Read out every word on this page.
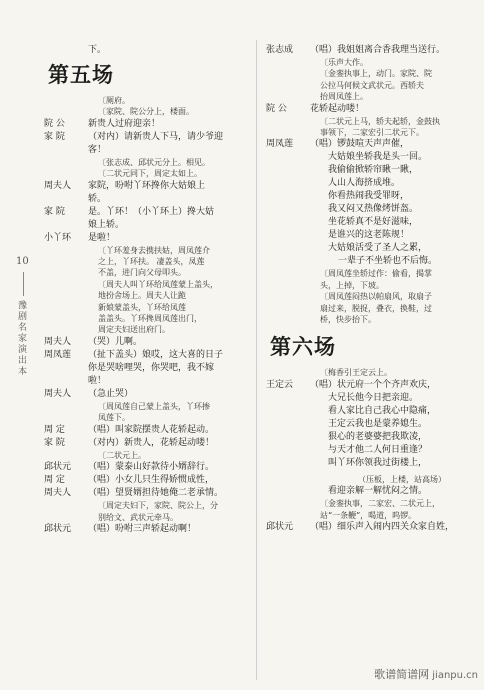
10
豫剧名家演出本
下。
第五场
〔厕府。
〔家院、院公分上，楼面。
院 公	新贵人过府迎亲！
家 院	（对内）请新贵人下马，请少爷迎
客！
〔张志成、邱状元分上。相见。
〔二状元同下，周定太如上。
周夫人	家院，吩咐丫环搀你大姑娘上
轿。
家 院	是。丫环！（小丫环上）搀大姑
娘上轿。
小丫环	是啦！
〔丫环羞身去携扶姑，周凤莲介
之上，丫环扶。 凄盖头，凤莲
不盖，进门向父母叩头。
〔周夫人叫丫环给凤莲蒙上盖头，
地扮舍场上。周夫人让跪
新娘蒙盖头，丫环给凤莲
盖盖头。丫环搀周凤莲出门，
周定夫妇送出府门。
周夫人	（哭）儿啊。
周凤莲	（扯下盖头）娘哎，这大喜的日子
你是哭啥哩哭，你哭吧，我不嫁
啦！
周夫人	（急止哭）
〔周凤莲自己蒙上盖头，丫环掺
凤莲下。
周 定	（唱）叫家院摆贵人花轿起动。
家 院	（对内）新贵人，花轿起动喽！
〔二状元上。
邱状元	（唱）蒙泰山好款待小婿辞行。
周 定	（唱）小女儿只生得娇惯成性，
周夫人	（唱）望贤婿担待她俺二老承情。
〔周定夫妇下，家院、院公上，分
别给文、武状元牵马。
邱状元	（唱）吩咐三声轿起动啊！
张志成	（唱）我姐姐离合香我理当送行。
〔乐声大作。
〔金銮执事上，动门。家院、院
公拉马何候文武状元。西轿夫
抬周凤莲上。
院 公	花轿起动喽！
〔二状元上马，轿夫起轿，金鼓执
事领下，二家宏引二状元下。
周凤莲	（唱）锣鼓喧天声声催，
大姑娘坐轿我是头一回。
我偷偷掀轿帘瞅一瞅，
人山人海挤成堆。
你看热闹我受罪呀，
我又闷又热像烤饼盔。
坐花轿真不是好滋味，
是谁兴的这老陈规！
大姑娘活受了圣人之累，
一辈子不坐轿也不后悔。
〔周凤莲坐轿过作：偷看，揭掌
头，上掉，下坡。
〔周凤莲闷热以帕扇风，取扇子
扇过来，脱捉，叠衣，换鞋，过
桥，快步抬下。
第六场
〔梅香引王定云上。
王定云	（唱）状元府一个个齐声欢庆，
大兄长他今日把亲迎。
看人家比自己我心中隐痛，
王定云我也是蒙养媳生。
狠心的老婆婆把我欺凌，
与天才他二人何日重逢？
叫丫环你领我过街楼上，
（压板，上楼，站高场）
看迎亲解一解忧闷之情。
〔金銮执事，二家宏、二状元上，
站“一条鞭”，喝道，呜锣。
邱状元	（唱）细乐声入闹内四关众家自姓，
歌谱简谱网 jianpu.cn
